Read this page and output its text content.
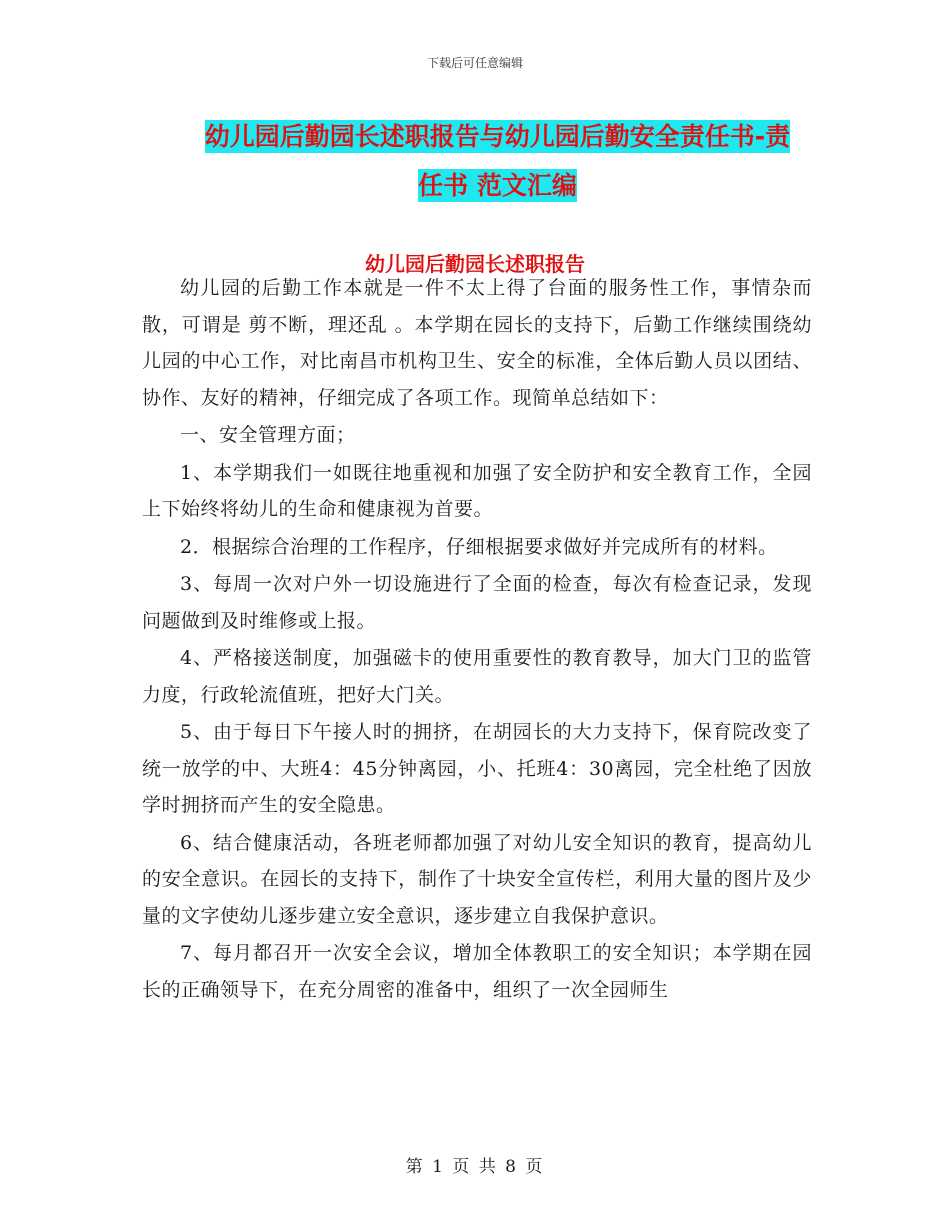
下载后可任意编辑
幼儿园后勤园长述职报告与幼儿园后勤安全责任书-责
任书 范文汇编
幼儿园后勤园长述职报告

幼儿园的后勤工作本就是一件不太上得了台面的服务性工作，事情杂而散，可谓是 剪不断，理还乱 。本学期在园长的支持下，后勤工作继续围绕幼儿园的中心工作，对比南昌市机构卫生、安全的标准，全体后勤人员以团结、协作、友好的精神，仔细完成了各项工作。现简单总结如下：

一、安全管理方面；

1、本学期我们一如既往地重视和加强了安全防护和安全教育工作，全园上下始终将幼儿的生命和健康视为首要。

2．根据综合治理的工作程序，仔细根据要求做好并完成所有的材料。

3、每周一次对户外一切设施进行了全面的检查，每次有检查记录，发现问题做到及时维修或上报。

4、严格接送制度，加强磁卡的使用重要性的教育教导，加大门卫的监管力度，行政轮流值班，把好大门关。

5、由于每日下午接人时的拥挤，在胡园长的大力支持下，保育院改变了统一放学的中、大班4：45分钟离园，小、托班4：30离园，完全杜绝了因放学时拥挤而产生的安全隐患。

6、结合健康活动，各班老师都加强了对幼儿安全知识的教育，提高幼儿的安全意识。在园长的支持下，制作了十块安全宣传栏，利用大量的图片及少量的文字使幼儿逐步建立安全意识，逐步建立自我保护意识。

7、每月都召开一次安全会议，增加全体教职工的安全知识；本学期在园长的正确领导下，在充分周密的准备中，组织了一次全园师生

第 1 页 共 8 页
